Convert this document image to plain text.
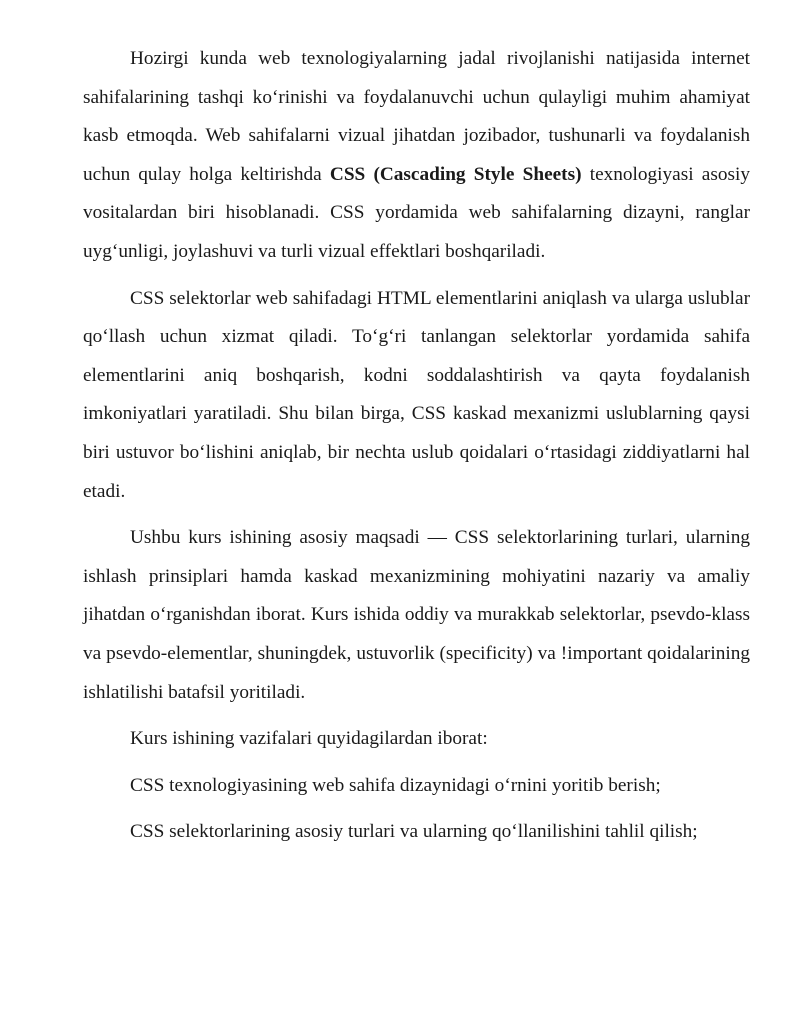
Hozirgi kunda web texnologiyalarning jadal rivojlanishi natijasida internet sahifalarining tashqi ko‘rinishi va foydalanuvchi uchun qulayligi muhim ahamiyat kasb etmoqda. Web sahifalarni vizual jihatdan jozibador, tushunarli va foydalanish uchun qulay holga keltirishda CSS (Cascading Style Sheets) texnologiyasi asosiy vositalardan biri hisoblanadi. CSS yordamida web sahifalarning dizayni, ranglar uyg‘unligi, joylashuvi va turli vizual effektlari boshqariladi.

CSS selektorlar web sahifadagi HTML elementlarini aniqlash va ularga uslublar qo‘llash uchun xizmat qiladi. To‘g‘ri tanlangan selektorlar yordamida sahifa elementlarini aniq boshqarish, kodni soddalashtirish va qayta foydalanish imkoniyatlari yaratiladi. Shu bilan birga, CSS kaskad mexanizmi uslublarning qaysi biri ustuvor bo‘lishini aniqlab, bir nechta uslub qoidalari o‘rtasidagi ziddiyatlarni hal etadi.

Ushbu kurs ishining asosiy maqsadi — CSS selektorlarining turlari, ularning ishlash prinsiplari hamda kaskad mexanizmining mohiyatini nazariy va amaliy jihatdan o‘rganishdan iborat. Kurs ishida oddiy va murakkab selektorlar, psevdo-klass va psevdo-elementlar, shuningdek, ustuvorlik (specificity) va !important qoidalarining ishlatilishi batafsil yoritiladi.

Kurs ishining vazifalari quyidagilardan iborat:

CSS texnologiyasining web sahifa dizaynidagi o‘rnini yoritib berish;

CSS selektorlarining asosiy turlari va ularning qo‘llanilishini tahlil qilish;
